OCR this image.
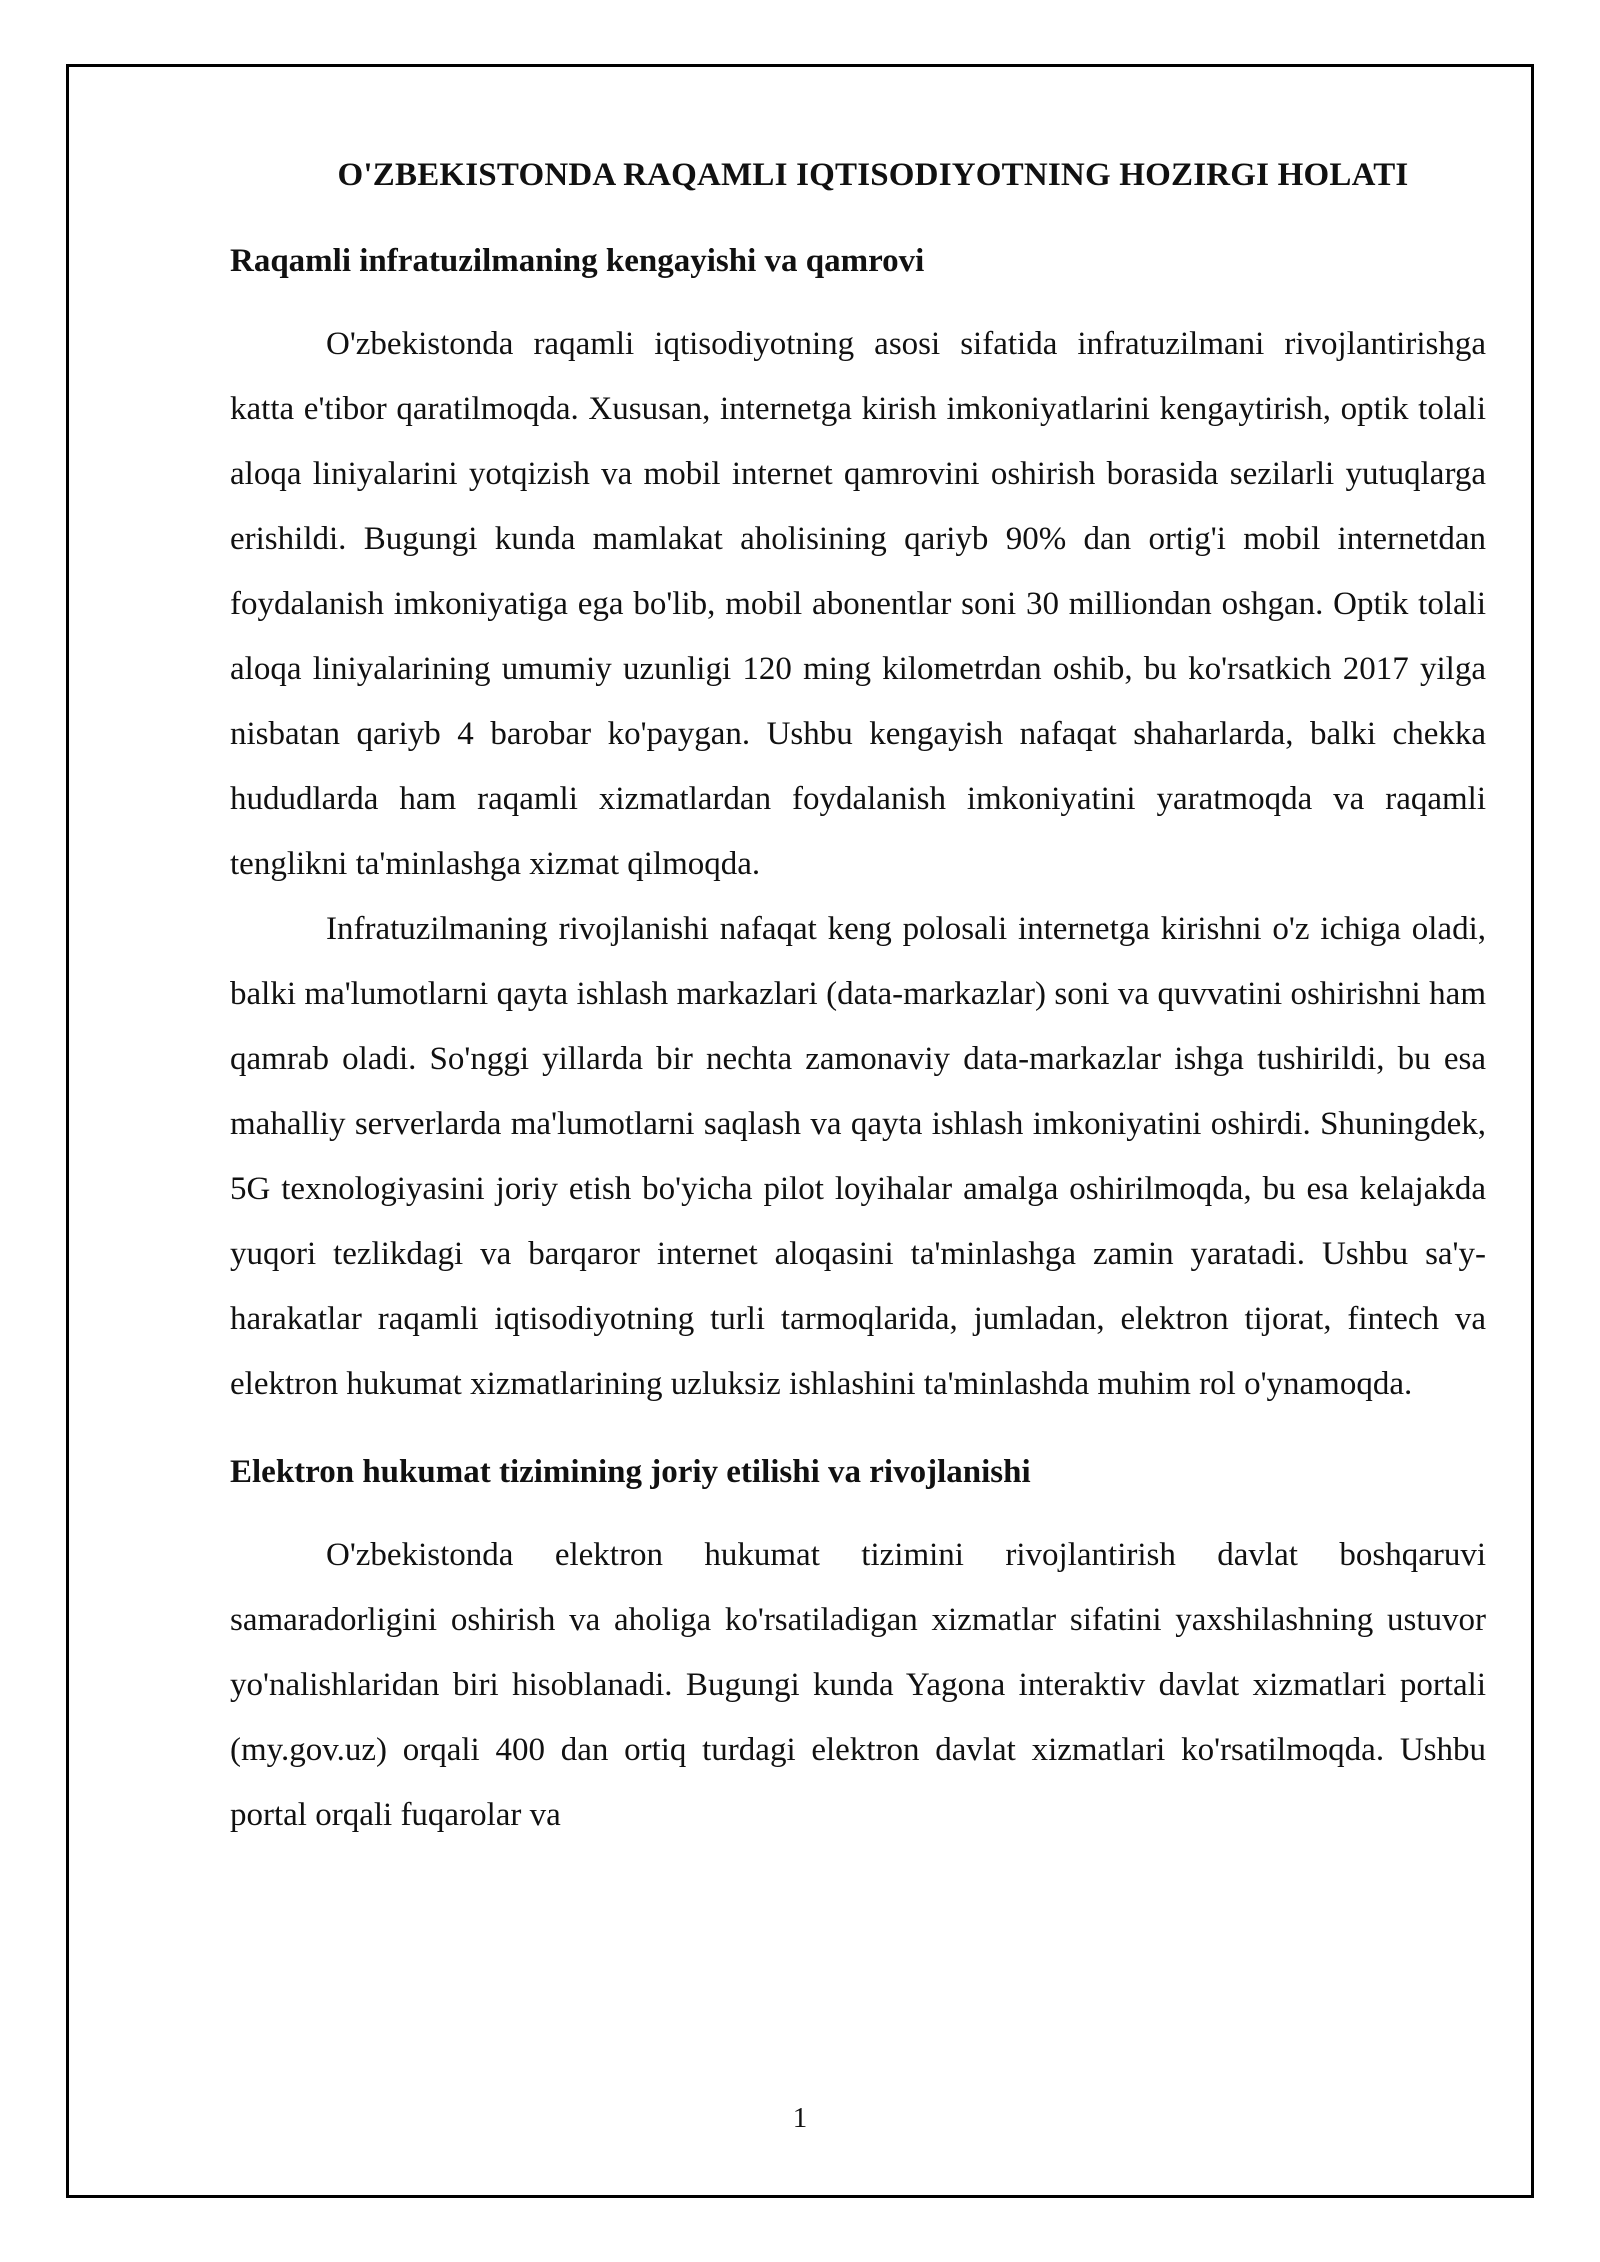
O'ZBEKISTONDA RAQAMLI IQTISODIYOTNING HOZIRGI HOLATI
Raqamli infratuzilmaning kengayishi va qamrovi

O'zbekistonda raqamli iqtisodiyotning asosi sifatida infratuzilmani rivojlantirishga katta e'tibor qaratilmoqda. Xususan, internetga kirish imkoniyatlarini kengaytirish, optik tolali aloqa liniyalarini yotqizish va mobil internet qamrovini oshirish borasida sezilarli yutuqlarga erishildi. Bugungi kunda mamlakat aholisining qariyb 90% dan ortig'i mobil internetdan foydalanish imkoniyatiga ega bo'lib, mobil abonentlar soni 30 milliondan oshgan. Optik tolali aloqa liniyalarining umumiy uzunligi 120 ming kilometrdan oshib, bu ko'rsatkich 2017 yilga nisbatan qariyb 4 barobar ko'paygan. Ushbu kengayish nafaqat shaharlarda, balki chekka hududlarda ham raqamli xizmatlardan foydalanish imkoniyatini yaratmoqda va raqamli tenglikni ta'minlashga xizmat qilmoqda.

Infratuzilmaning rivojlanishi nafaqat keng polosali internetga kirishni o'z ichiga oladi, balki ma'lumotlarni qayta ishlash markazlari (data-markazlar) soni va quvvatini oshirishni ham qamrab oladi. So'nggi yillarda bir nechta zamonaviy data-markazlar ishga tushirildi, bu esa mahalliy serverlarda ma'lumotlarni saqlash va qayta ishlash imkoniyatini oshirdi. Shuningdek, 5G texnologiyasini joriy etish bo'yicha pilot loyihalar amalga oshirilmoqda, bu esa kelajakda yuqori tezlikdagi va barqaror internet aloqasini ta'minlashga zamin yaratadi. Ushbu sa'y-harakatlar raqamli iqtisodiyotning turli tarmoqlarida, jumladan, elektron tijorat, fintech va elektron hukumat xizmatlarining uzluksiz ishlashini ta'minlashda muhim rol o'ynamoqda.

Elektron hukumat tizimining joriy etilishi va rivojlanishi

O'zbekistonda elektron hukumat tizimini rivojlantirish davlat boshqaruvi samaradorligini oshirish va aholiga ko'rsatiladigan xizmatlar sifatini yaxshilashning ustuvor yo'nalishlaridan biri hisoblanadi. Bugungi kunda Yagona interaktiv davlat xizmatlari portali (my.gov.uz) orqali 400 dan ortiq turdagi elektron davlat xizmatlari ko'rsatilmoqda. Ushbu portal orqali fuqarolar va

1
